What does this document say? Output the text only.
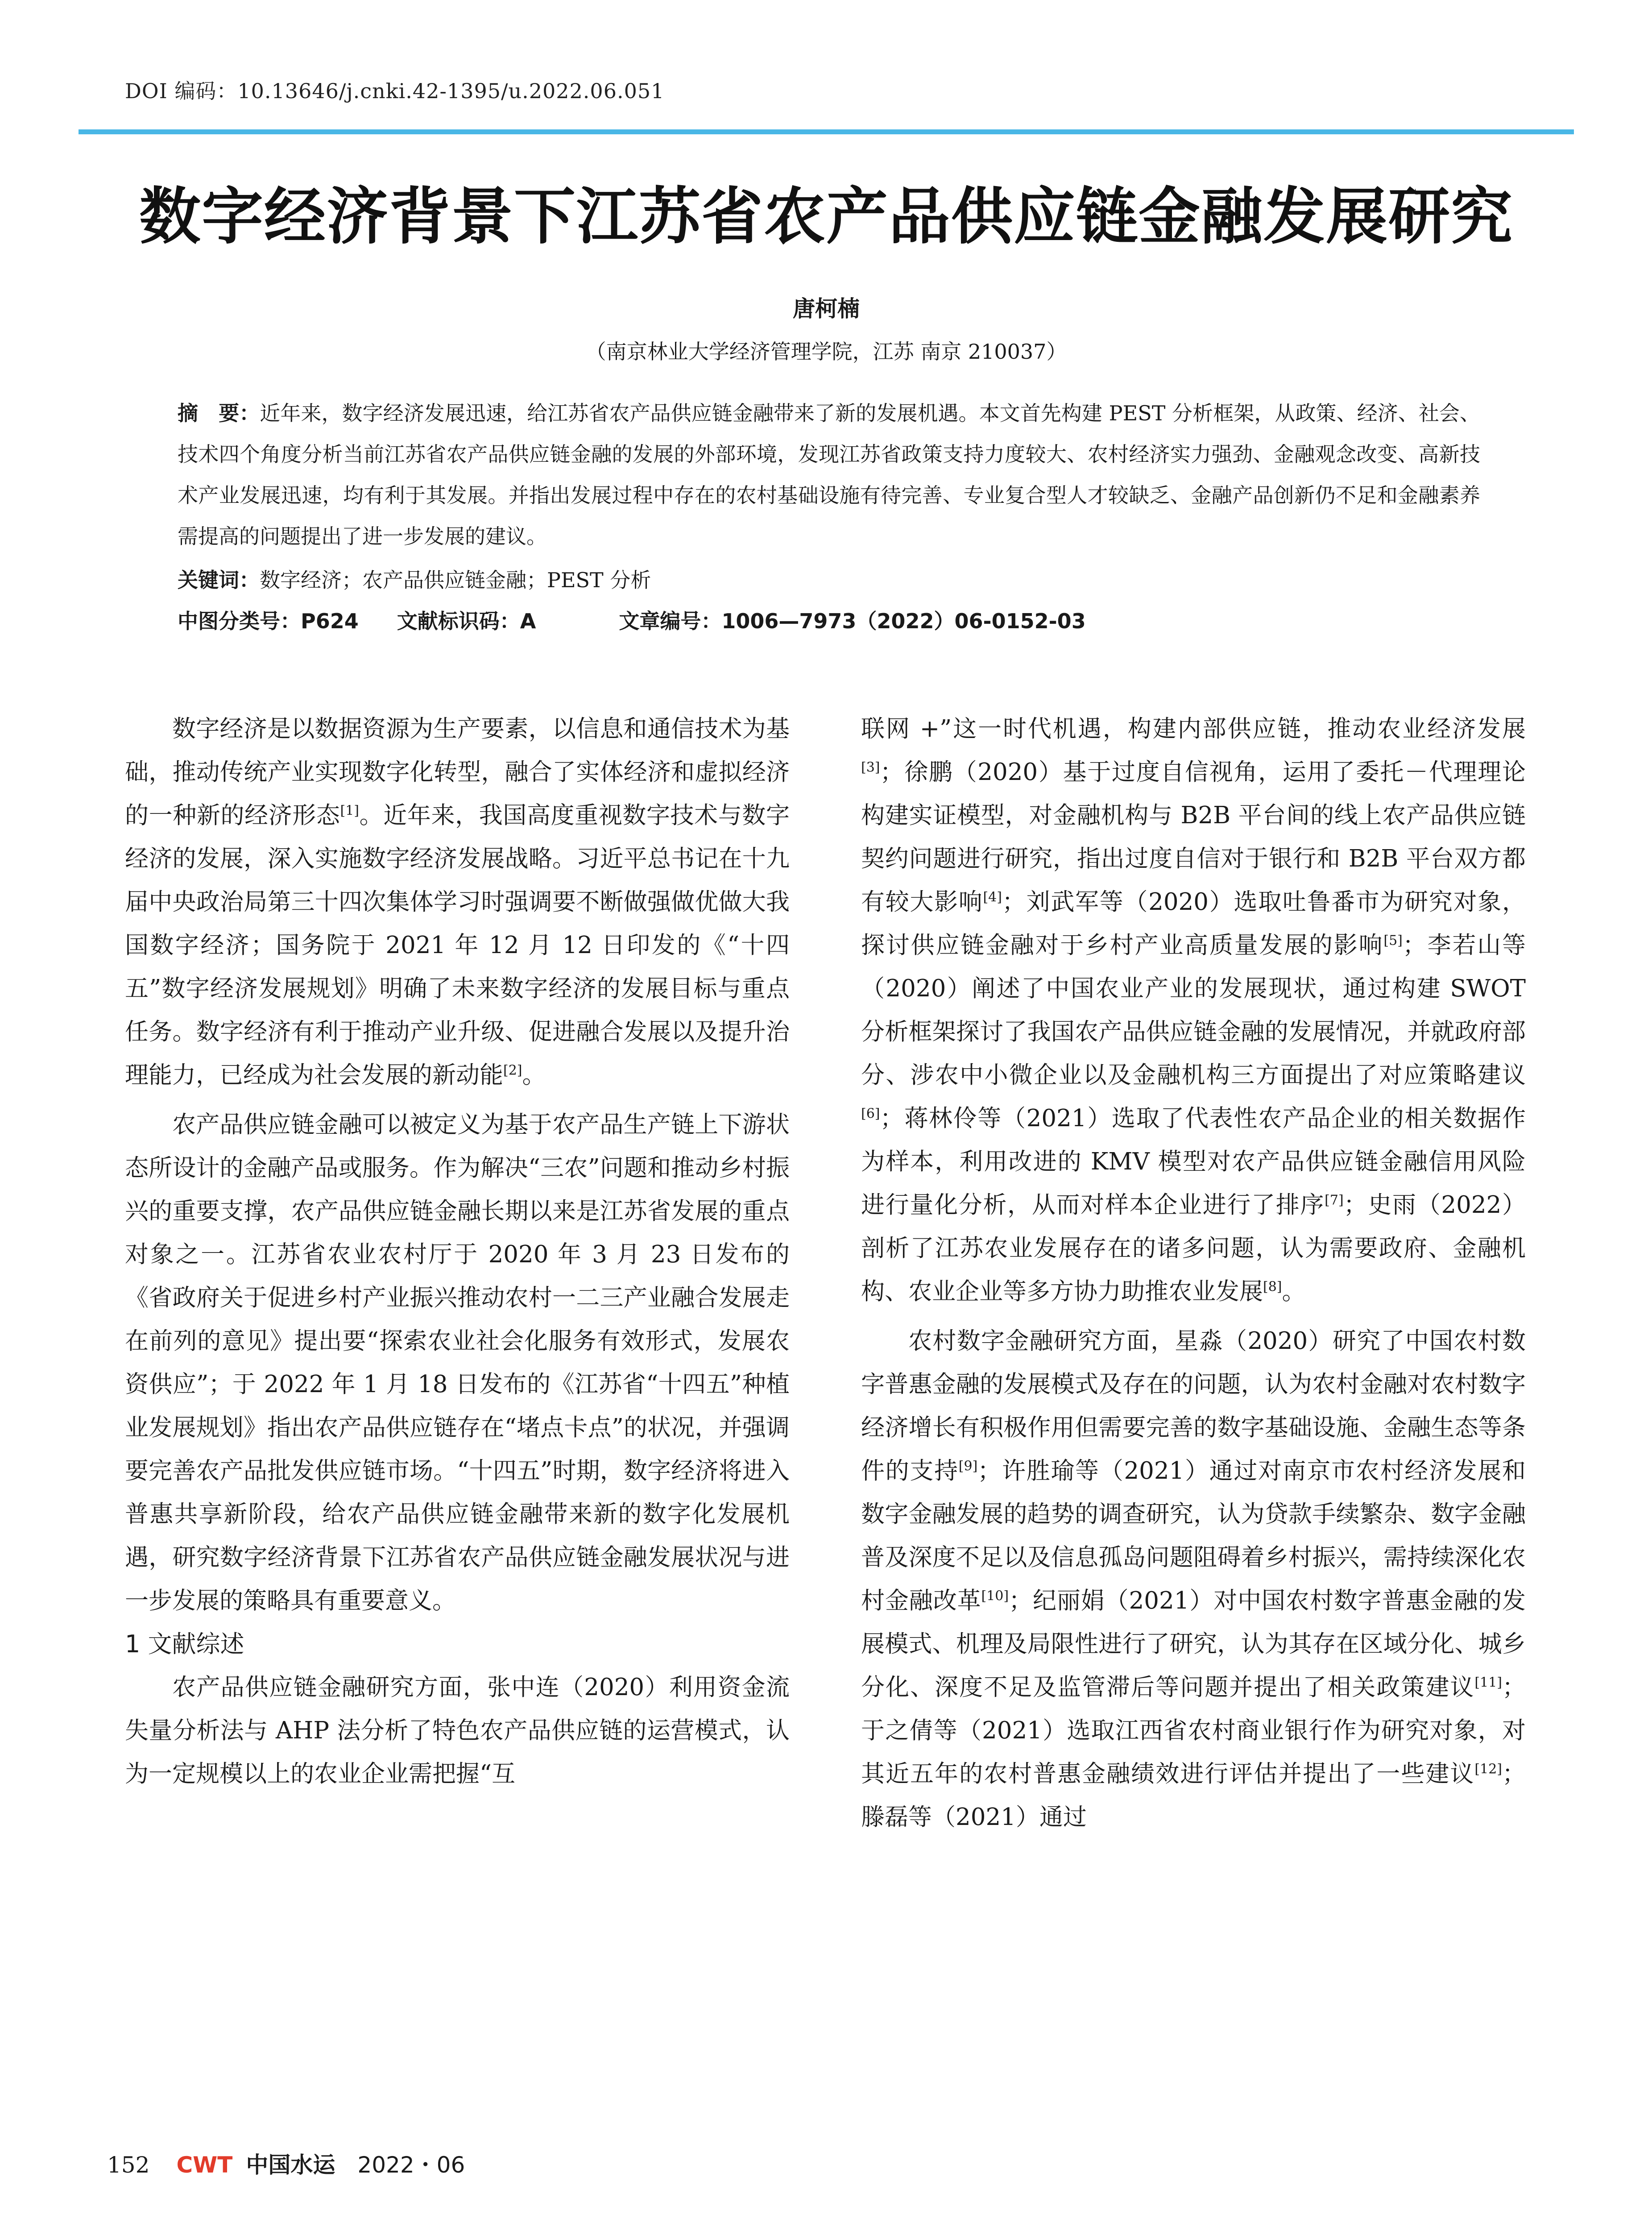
DOI 编码：10.13646/j.cnki.42-1395/u.2022.06.051
数字经济背景下江苏省农产品供应链金融发展研究
唐柯楠
（南京林业大学经济管理学院，江苏 南京 210037）
摘　要：近年来，数字经济发展迅速，给江苏省农产品供应链金融带来了新的发展机遇。本文首先构建 PEST 分析框架，从政策、经济、社会、技术四个角度分析当前江苏省农产品供应链金融的发展的外部环境，发现江苏省政策支持力度较大、农村经济实力强劲、金融观念改变、高新技术产业发展迅速，均有利于其发展。并指出发展过程中存在的农村基础设施有待完善、专业复合型人才较缺乏、金融产品创新仍不足和金融素养需提高的问题提出了进一步发展的建议。
关键词：数字经济；农产品供应链金融；PEST 分析
中图分类号：P624 文献标识码：A	文章编号：1006—7973（2022）06-0152-03

数字经济是以数据资源为生产要素，以信息和通信技术为基础，推动传统产业实现数字化转型，融合了实体经济和虚拟经济的一种新的经济形态[1]。近年来，我国高度重视数字技术与数字经济的发展，深入实施数字经济发展战略。习近平总书记在十九届中央政治局第三十四次集体学习时强调要不断做强做优做大我国数字经济；国务院于 2021 年 12 月 12 日印发的《“十四五”数字经济发展规划》明确了未来数字经济的发展目标与重点任务。数字经济有利于推动产业升级、促进融合发展以及提升治理能力，已经成为社会发展的新动能[2]。

农产品供应链金融可以被定义为基于农产品生产链上下游状态所设计的金融产品或服务。作为解决“三农”问题和推动乡村振兴的重要支撑，农产品供应链金融长期以来是江苏省发展的重点对象之一。江苏省农业农村厅于 2020 年 3 月 23 日发布的《省政府关于促进乡村产业振兴推动农村一二三产业融合发展走在前列的意见》提出要“探索农业社会化服务有效形式，发展农资供应”；于 2022 年 1 月 18 日发布的《江苏省“十四五”种植业发展规划》指出农产品供应链存在“堵点卡点”的状况，并强调要完善农产品批发供应链市场。“十四五”时期，数字经济将进入普惠共享新阶段，给农产品供应链金融带来新的数字化发展机遇，研究数字经济背景下江苏省农产品供应链金融发展状况与进一步发展的策略具有重要意义。

1 文献综述

农产品供应链金融研究方面，张中连（2020）利用资金流失量分析法与 AHP 法分析了特色农产品供应链的运营模式，认为一定规模以上的农业企业需把握“互

联网 +”这一时代机遇，构建内部供应链，推动农业经济发展[3]；徐鹏（2020）基于过度自信视角，运用了委托－代理理论构建实证模型，对金融机构与 B2B 平台间的线上农产品供应链契约问题进行研究，指出过度自信对于银行和 B2B 平台双方都有较大影响[4]；刘武军等（2020）选取吐鲁番市为研究对象，探讨供应链金融对于乡村产业高质量发展的影响[5]；李若山等（2020）阐述了中国农业产业的发展现状，通过构建 SWOT 分析框架探讨了我国农产品供应链金融的发展情况，并就政府部分、涉农中小微企业以及金融机构三方面提出了对应策略建议[6]；蒋林伶等（2021）选取了代表性农产品企业的相关数据作为样本，利用改进的 KMV 模型对农产品供应链金融信用风险进行量化分析，从而对样本企业进行了排序[7]；史雨（2022）剖析了江苏农业发展存在的诸多问题，认为需要政府、金融机构、农业企业等多方协力助推农业发展[8]。

农村数字金融研究方面，星淼（2020）研究了中国农村数字普惠金融的发展模式及存在的问题，认为农村金融对农村数字经济增长有积极作用但需要完善的数字基础设施、金融生态等条件的支持[9]；许胜瑜等（2021）通过对南京市农村经济发展和数字金融发展的趋势的调查研究，认为贷款手续繁杂、数字金融普及深度不足以及信息孤岛问题阻碍着乡村振兴，需持续深化农村金融改革[10]；纪丽娟（2021）对中国农村数字普惠金融的发展模式、机理及局限性进行了研究，认为其存在区域分化、城乡分化、深度不足及监管滞后等问题并提出了相关政策建议[11]；于之倩等（2021）选取江西省农村商业银行作为研究对象，对其近五年的农村普惠金融绩效进行评估并提出了一些建议[12]；滕磊等（2021）通过

152 CWT 中国水运 2022・06
